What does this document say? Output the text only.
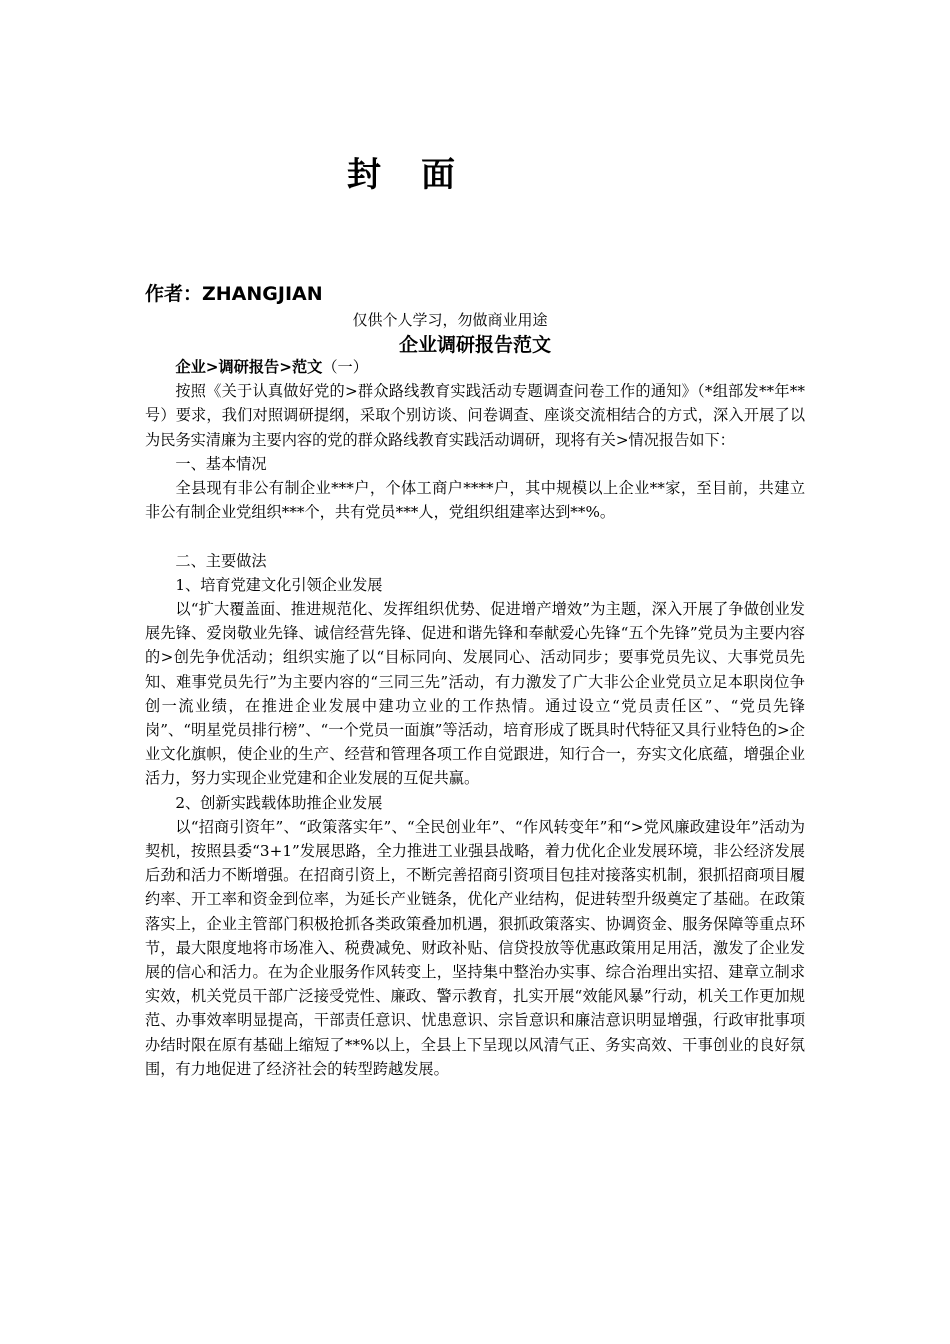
封面
作者：ZHANGJIAN
仅供个人学习，勿做商业用途
企业调研报告范文

企业>调研报告>范文（一）

按照《关于认真做好党的>群众路线教育实践活动专题调查问卷工作的通知》（*组部发**年**号）要求，我们对照调研提纲，采取个别访谈、问卷调查、座谈交流相结合的方式，深入开展了以为民务实清廉为主要内容的党的群众路线教育实践活动调研，现将有关>情况报告如下：

一、基本情况

全县现有非公有制企业***户，个体工商户****户，其中规模以上企业**家，至目前，共建立非公有制企业党组织***个，共有党员***人，党组织组建率达到**%。

二、主要做法

1、培育党建文化引领企业发展

以“扩大覆盖面、推进规范化、发挥组织优势、促进增产增效”为主题，深入开展了争做创业发展先锋、爱岗敬业先锋、诚信经营先锋、促进和谐先锋和奉献爱心先锋“五个先锋”党员为主要内容的>创先争优活动；组织实施了以“目标同向、发展同心、活动同步；要事党员先议、大事党员先知、难事党员先行”为主要内容的“三同三先”活动，有力激发了广大非公企业党员立足本职岗位争创一流业绩，在推进企业发展中建功立业的工作热情。通过设立“党员责任区”、“党员先锋岗”、“明星党员排行榜”、“一个党员一面旗”等活动，培育形成了既具时代特征又具行业特色的>企业文化旗帜，使企业的生产、经营和管理各项工作自觉跟进，知行合一，夯实文化底蕴，增强企业活力，努力实现企业党建和企业发展的互促共赢。

2、创新实践载体助推企业发展

以“招商引资年”、“政策落实年”、“全民创业年”、“作风转变年”和“>党风廉政建设年”活动为契机，按照县委“3+1”发展思路，全力推进工业强县战略，着力优化企业发展环境，非公经济发展后劲和活力不断增强。在招商引资上，不断完善招商引资项目包挂对接落实机制，狠抓招商项目履约率、开工率和资金到位率，为延长产业链条，优化产业结构，促进转型升级奠定了基础。在政策落实上，企业主管部门积极抢抓各类政策叠加机遇，狠抓政策落实、协调资金、服务保障等重点环节，最大限度地将市场准入、税费减免、财政补贴、信贷投放等优惠政策用足用活，激发了企业发展的信心和活力。在为企业服务作风转变上，坚持集中整治办实事、综合治理出实招、建章立制求实效，机关党员干部广泛接受党性、廉政、警示教育，扎实开展“效能风暴”行动，机关工作更加规范、办事效率明显提高，干部责任意识、忧患意识、宗旨意识和廉洁意识明显增强，行政审批事项办结时限在原有基础上缩短了**%以上，全县上下呈现以风清气正、务实高效、干事创业的良好氛围，有力地促进了经济社会的转型跨越发展。
